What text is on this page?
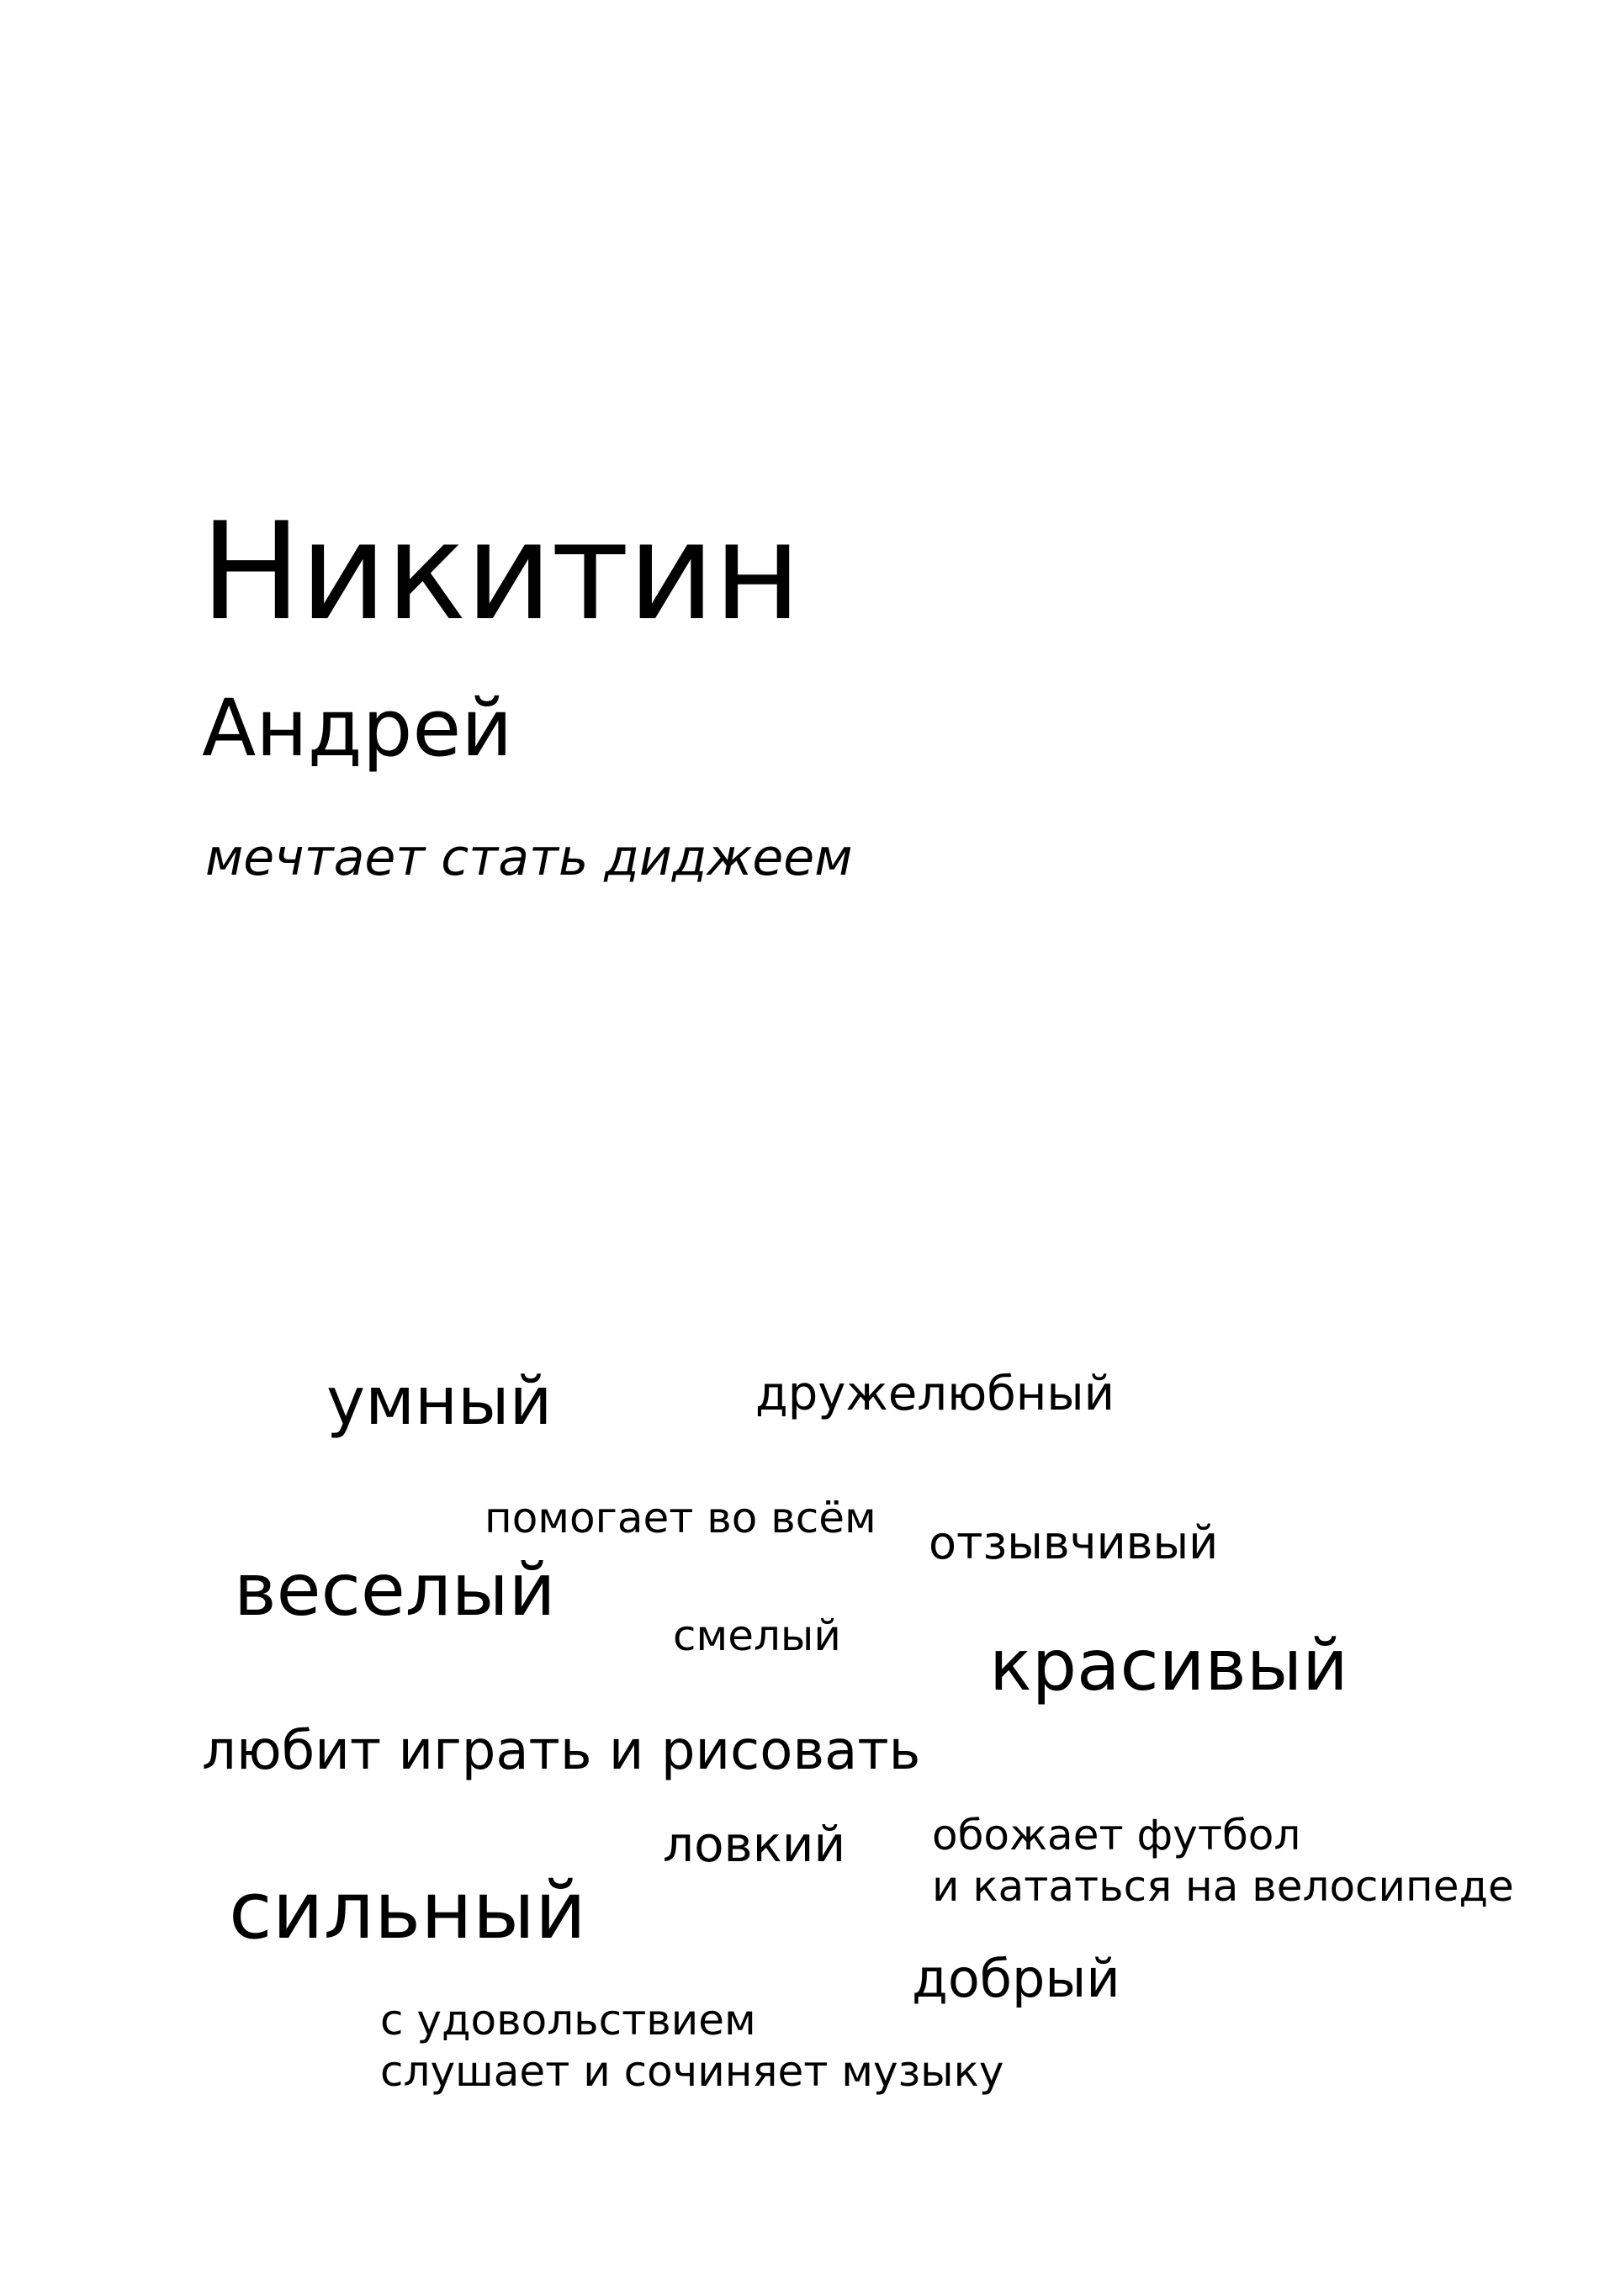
Никитин
Андрей
мечтает стать диджеем
умный	дружелюбный
помогает во всём отзывчивый
веселый
смелый красивый
любит играть и рисовать
ловкий обожает футбол
и кататься на велосипеде
сильный
добрый
с удовольствием
слушает и сочиняет музыку
